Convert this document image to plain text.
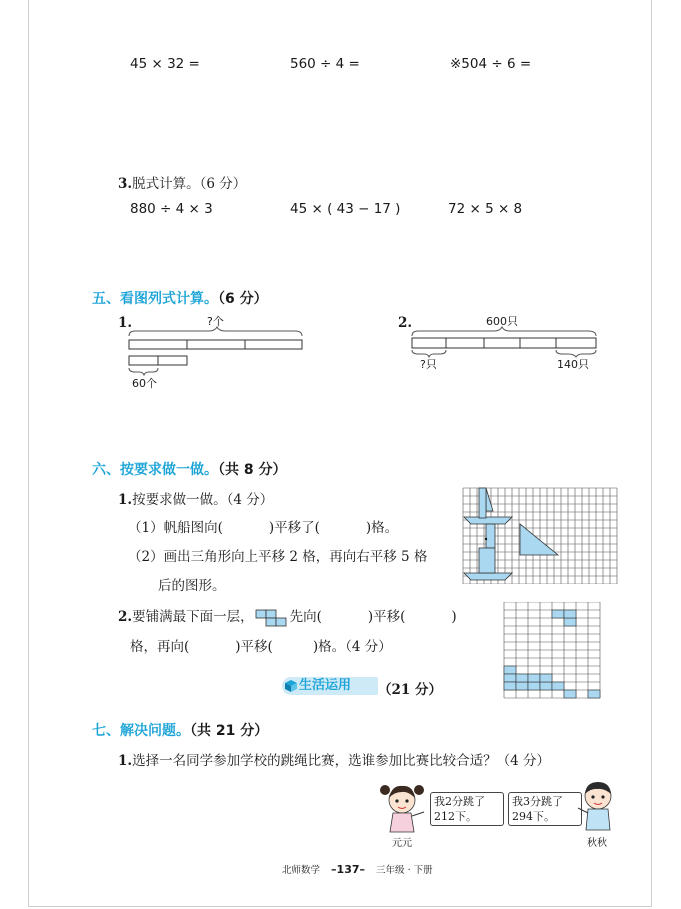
45 × 32 =	560 ÷ 4 =	※504 ÷ 6 =
3.脱式计算。（6 分）
880 ÷ 4 × 3	45 × ( 43 − 17 )	72 × 5 × 8
五、看图列式计算。（6 分）
1.	?个
60个
2.	600只
?只	140只
六、按要求做一做。（共 8 分）
1.按要求做一做。（4 分）
（1）帆船图向(	)平移了(	)格。
（2）画出三角形向上平移 2 格，再向右平移 5 格
后的图形。
2.要铺满最下面一层，	先向(	)平移(	)
格，再向(	)平移(	)格。（4 分）
生活运用 （21 分）
七、解决问题。（共 21 分）
1.选择一名同学参加学校的跳绳比赛，选谁参加比赛比较合适？（4 分）
元元
我2分跳了
212下。
我3分跳了
294下。
秋秋
北师数学 –137– 三年级 · 下册
